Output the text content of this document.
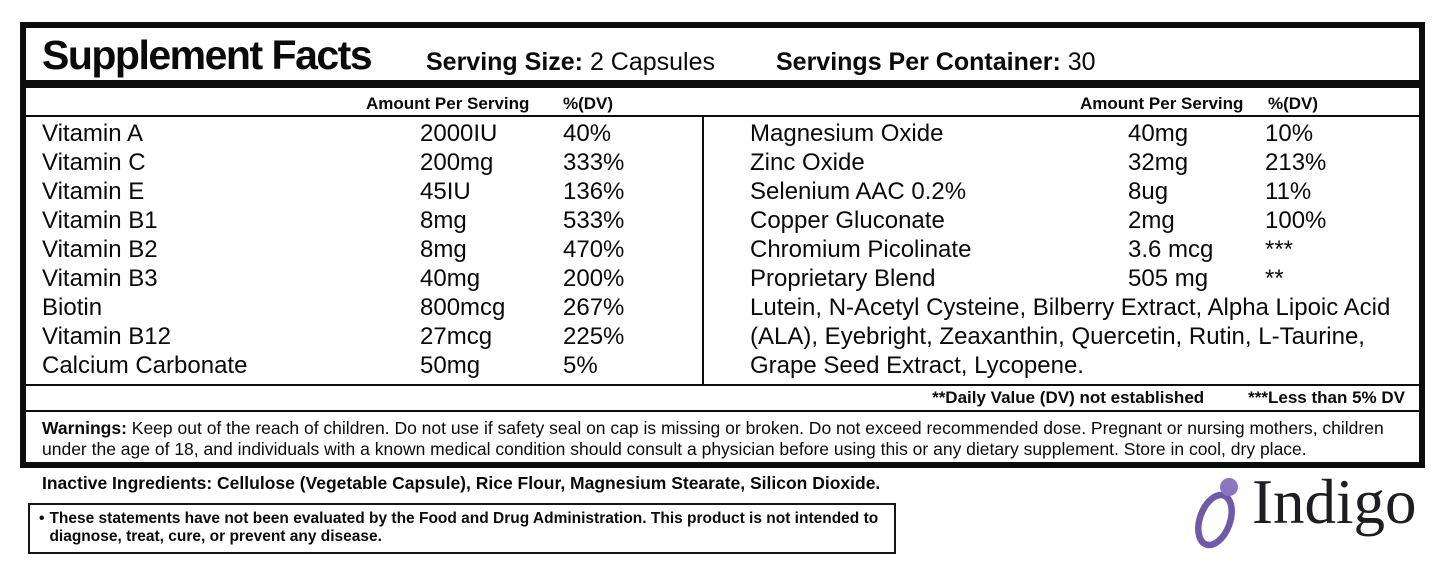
Supplement Facts Serving Size: 2 Capsules Servings Per Container: 30
Amount Per Serving %(DV)	Amount Per Serving %(DV)
Vitamin A	2000IU	40%
Vitamin C	200mg	333%
Vitamin E	45IU	136%
Vitamin B1	8mg	533%
Vitamin B2	8mg	470%
Vitamin B3	40mg	200%
Biotin	800mcg 267%
Vitamin B12	27mcg	225%
Calcium Carbonate	50mg	5%
Magnesium Oxide	40mg	10%
Zinc Oxide	32mg	213%
Selenium AAC 0.2%	8ug	11%
Copper Gluconate	2mg	100%
Chromium Picolinate	3.6 mcg ***
Proprietary Blend	505 mg **
Lutein, N-Acetyl Cysteine, Bilberry Extract, Alpha Lipoic Acid (ALA), Eyebright, Zeaxanthin, Quercetin, Rutin, L-Taurine, Grape Seed Extract, Lycopene.
**Daily Value (DV) not established	***Less than 5% DV
Warnings: Keep out of the reach of children. Do not use if safety seal on cap is missing or broken. Do not exceed recommended dose. Pregnant or nursing mothers, children under the age of 18, and individuals with a known medical condition should consult a physician before using this or any dietary supplement. Store in cool, dry place.
Inactive Ingredients: Cellulose (Vegetable Capsule), Rice Flour, Magnesium Stearate, Silicon Dioxide.
• These statements have not been evaluated by the Food and Drug Administration. This product is not intended to diagnose, treat, cure, or prevent any disease.	Indigo
